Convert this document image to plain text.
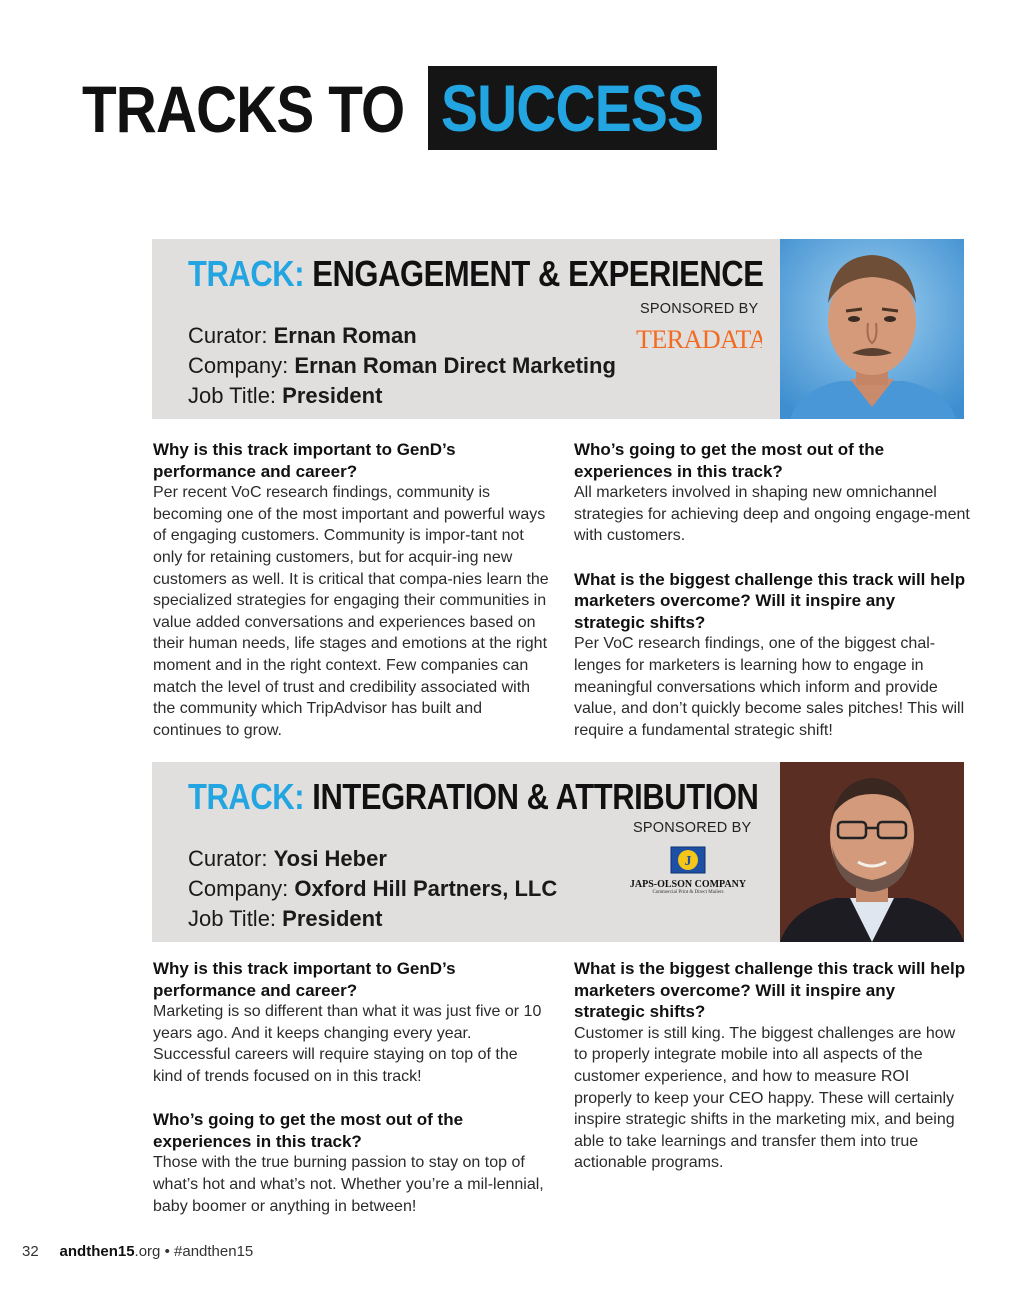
TRACKS TO SUCCESS
TRACK: ENGAGEMENT & EXPERIENCE
SPONSORED BY
TERADATA.
Curator: Ernan Roman
Company: Ernan Roman Direct Marketing
Job Title: President
Why is this track important to GenD’s performance and career?
Per recent VoC research findings, community is becoming one of the most important and powerful ways of engaging customers. Community is impor-tant not only for retaining customers, but for acquir-ing new customers as well. It is critical that compa-nies learn the specialized strategies for engaging their communities in value added conversations and experiences based on their human needs, life stages and emotions at the right moment and in the right context. Few companies can match the level of trust and credibility associated with the community which TripAdvisor has built and continues to grow.
Who’s going to get the most out of the experiences in this track?
All marketers involved in shaping new omnichannel strategies for achieving deep and ongoing engage-ment with customers.
What is the biggest challenge this track will help marketers overcome? Will it inspire any strategic shifts?
Per VoC research findings, one of the biggest chal-lenges for marketers is learning how to engage in meaningful conversations which inform and provide value, and don’t quickly become sales pitches! This will require a fundamental strategic shift!
TRACK: INTEGRATION & ATTRIBUTION
SPONSORED BY
J
JAPS-OLSON COMPANY
Commercial Print & Direct Mailers
Curator: Yosi Heber
Company: Oxford Hill Partners, LLC
Job Title: President
Why is this track important to GenD’s performance and career?
Marketing is so different than what it was just five or 10 years ago. And it keeps changing every year. Successful careers will require staying on top of the kind of trends focused on in this track!
Who’s going to get the most out of the experiences in this track?
Those with the true burning passion to stay on top of what’s hot and what’s not. Whether you’re a mil-lennial, baby boomer or anything in between!
What is the biggest challenge this track will help marketers overcome? Will it inspire any strategic shifts?
Customer is still king. The biggest challenges are how to properly integrate mobile into all aspects of the customer experience, and how to measure ROI properly to keep your CEO happy. These will certainly inspire strategic shifts in the marketing mix, and being able to take learnings and transfer them into true actionable programs.
32 andthen15.org • #andthen15
